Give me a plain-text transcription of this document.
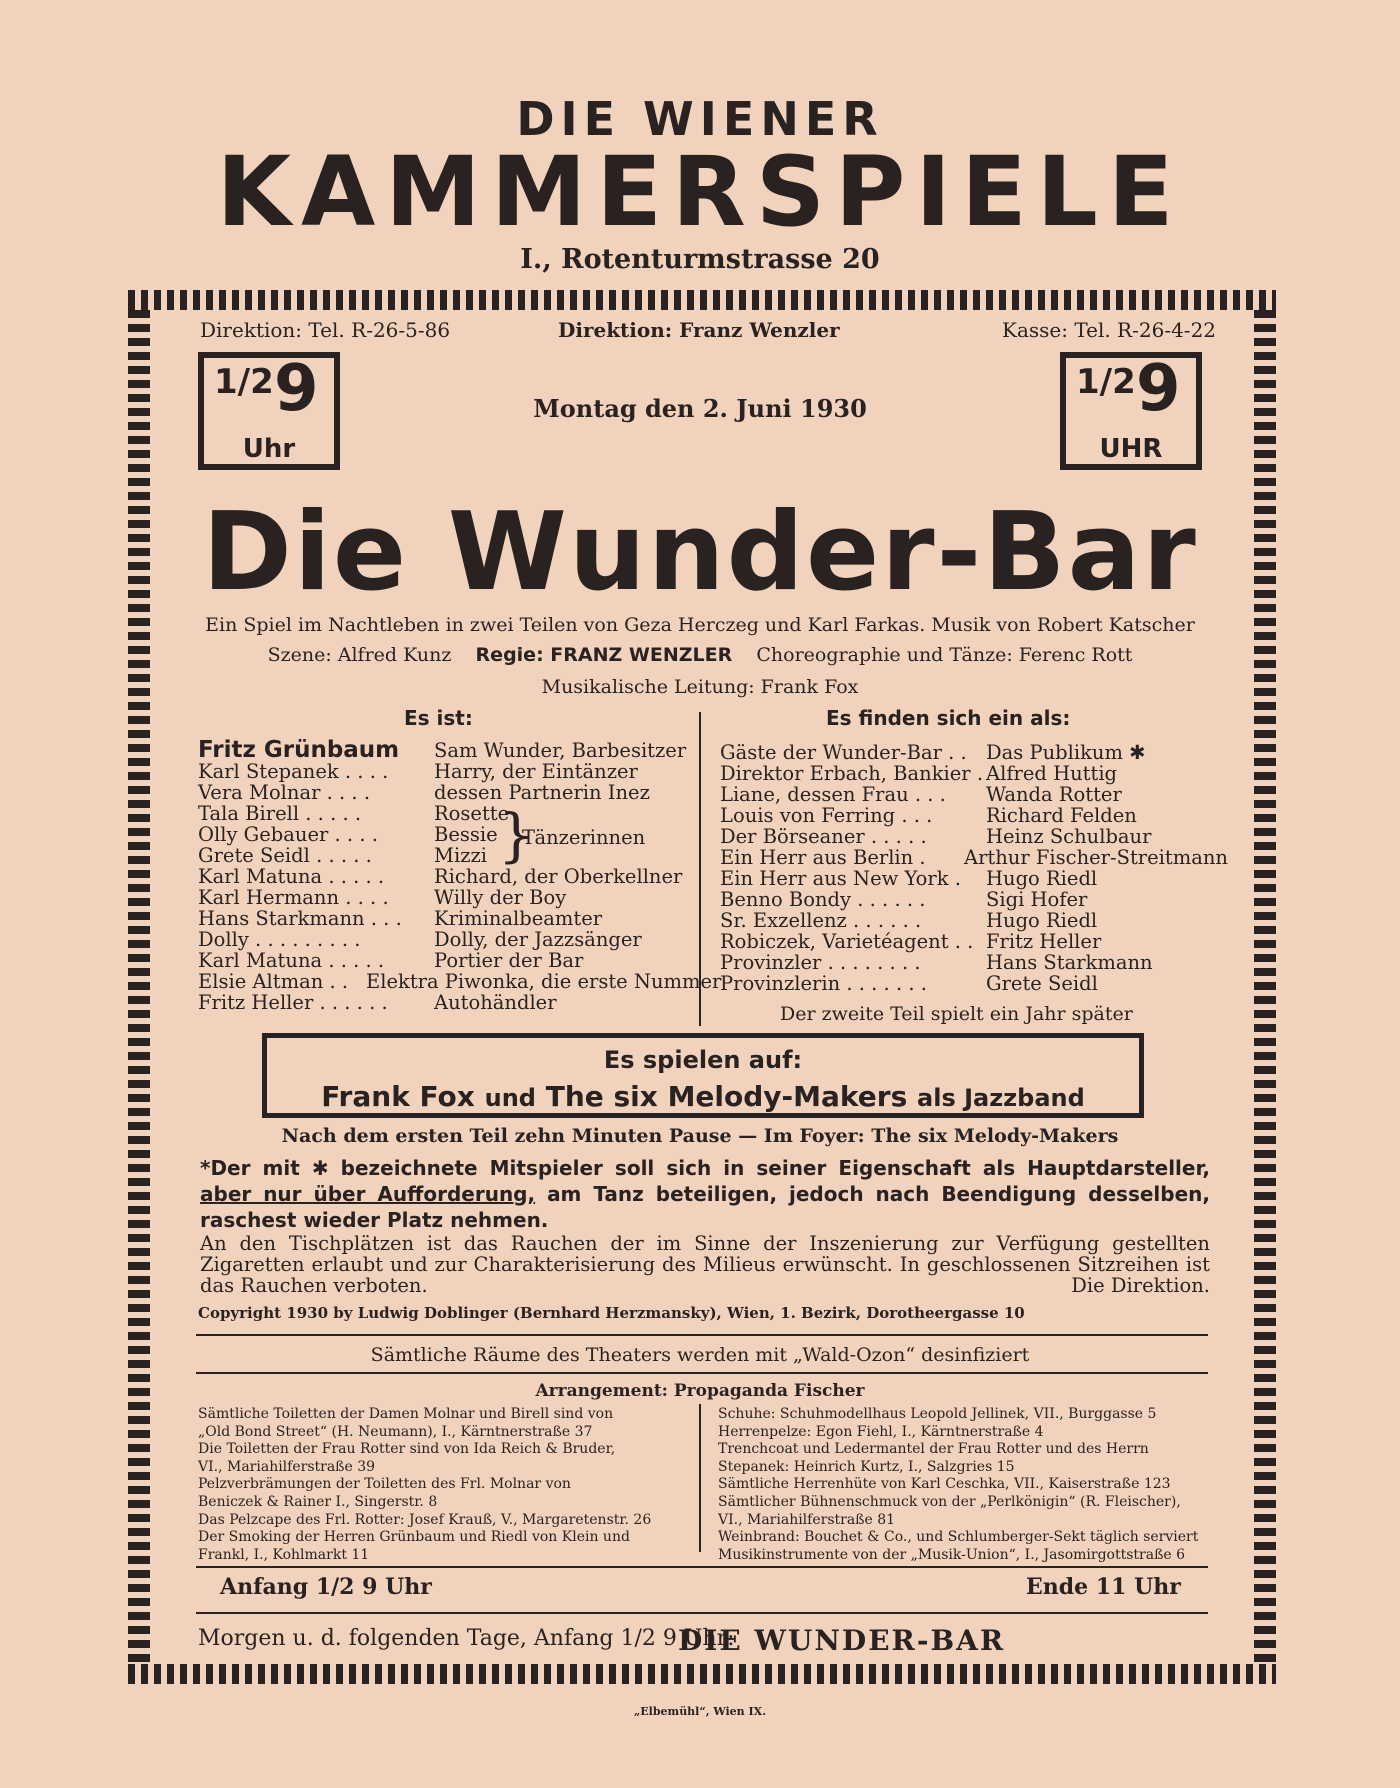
DIE WIENER
KAMMERSPIELE
I., Rotenturmstrasse 20
Direktion: Tel. R-26-5-86	Direktion: Franz Wenzler	Kasse: Tel. R-26-4-22
1/2 9
Uhr
1/2 9
UHR
Montag den 2. Juni 1930
Die Wunder-Bar
Ein Spiel im Nachtleben in zwei Teilen von Geza Herczeg und Karl Farkas. Musik von Robert Katscher
Szene: Alfred Kunz Regie: FRANZ WENZLER Choreographie und Tänze: Ferenc Rott
Musikalische Leitung: Frank Fox
Es ist:	Es finden sich ein als:
Fritz Grünbaum Sam Wunder, Barbesitzer
Karl Stepanek . . . . Harry, der Eintänzer
Vera Molnar . . . .	dessen Partnerin Inez
Tala Birell . . . . .	Rosette
Olly Gebauer . . . .	Bessie
Grete Seidl . . . . .	Mizzi
Karl Matuna . . . . .	Richard, der Oberkellner
Karl Hermann . . . . Willy der Boy
Hans Starkmann . . . Kriminalbeamter
Dolly . . . . . . . . .	Dolly, der Jazzsänger
Karl Matuna . . . . .	Portier der Bar
Elsie Altman . . Elektra Piwonka, die erste Nummer
Fritz Heller . . . . . . Autohändler
}
Tänzerinnen
Gäste der Wunder-Bar . . Das Publikum ✱
Direktor Erbach, Bankier . Alfred Huttig
Liane, dessen Frau . . . Wanda Rotter
Louis von Ferring . . .	Richard Felden
Der Börseaner . . . . .	Heinz Schulbaur
Ein Herr aus Berlin . Arthur Fischer-Streitmann
Ein Herr aus New York . Hugo Riedl
Benno Bondy . . . . . .	Sigi Hofer
Sr. Exzellenz . . . . . .	Hugo Riedl
Robiczek, Varietéagent . . Fritz Heller
Provinzler . . . . . . . .	Hans Starkmann
Provinzlerin . . . . . . .	Grete Seidl
Der zweite Teil spielt ein Jahr später
Es spielen auf:
Frank Fox und The six Melody-Makers als Jazzband
Nach dem ersten Teil zehn Minuten Pause — Im Foyer: The six Melody-Makers
*Der mit ✱ bezeichnete Mitspieler soll sich in seiner Eigenschaft als Hauptdarsteller, aber nur über Aufforderung, am Tanz beteiligen, jedoch nach Beendigung desselben, raschest wieder Platz nehmen.
An den Tischplätzen ist das Rauchen der im Sinne der Inszenierung zur Verfügung gestellten Zigaretten erlaubt und zur Charakterisierung des Milieus erwünscht. In geschlossenen Sitzreihen ist das Rauchen verboten.	Die Direktion.
Copyright 1930 by Ludwig Doblinger (Bernhard Herzmansky), Wien, 1. Bezirk, Dorotheergasse 10
Sämtliche Räume des Theaters werden mit „Wald-Ozon“ desinfiziert
Arrangement: Propaganda Fischer
Sämtliche Toiletten der Damen Molnar und Birell sind von
„Old Bond Street“ (H. Neumann), I., Kärntnerstraße 37
Die Toiletten der Frau Rotter sind von Ida Reich & Bruder,
VI., Mariahilferstraße 39
Pelzverbrämungen der Toiletten des Frl. Molnar von
Beniczek & Rainer I., Singerstr. 8
Das Pelzcape des Frl. Rotter: Josef Krauß, V., Margaretenstr. 26
Der Smoking der Herren Grünbaum und Riedl von Klein und
Frankl, I., Kohlmarkt 11
Schuhe: Schuhmodellhaus Leopold Jellinek, VII., Burggasse 5
Herrenpelze: Egon Fiehl, I., Kärntnerstraße 4
Trenchcoat und Ledermantel der Frau Rotter und des Herrn
Stepanek: Heinrich Kurtz, I., Salzgries 15
Sämtliche Herrenhüte von Karl Ceschka, VII., Kaiserstraße 123
Sämtlicher Bühnenschmuck von der „Perlkönigin“ (R. Fleischer),
VI., Mariahilferstraße 81
Weinbrand: Bouchet & Co., und Schlumberger-Sekt täglich serviert
Musikinstrumente von der „Musik-Union“, I., Jasomirgottstraße 6
Anfang 1/2 9 Uhr	Ende 11 Uhr
Morgen u. d. folgenden Tage, Anfang 1/2 9 Uhr:
DIE WUNDER-BAR
„Elbemühl“, Wien IX.
